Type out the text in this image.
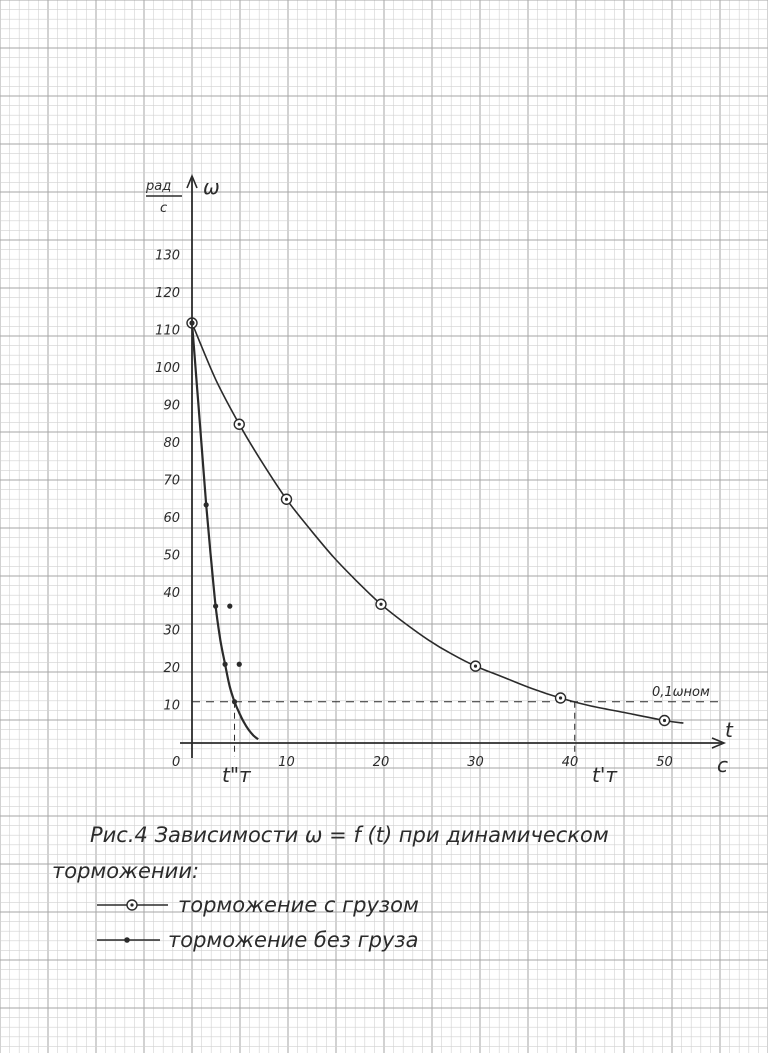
10	20	30	40	50
10
20
30
40
50
60
70
80
90
100
110
120
130
t
с
ω
рад
с
0
0,1ωном
t'т
t"т
Рис.4 Зависимости ω = f (t) при динамическом
торможении:
торможение с грузом
торможение без груза
